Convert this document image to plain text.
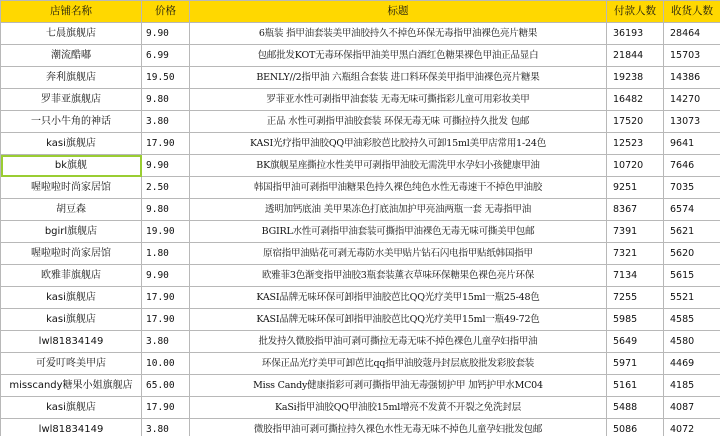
店铺名称	价格	标题	付款人数	收货人数
七晨旗舰店	9.90	6瓶装 指甲油套装美甲油胶持久不掉色环保无毒指甲油裸色亮片糖果	36193	28464
潮流酷嘟	6.99	包邮批发KOT无毒环保指甲油美甲黑白酒红色糖果裸色甲油正品显白	21844	15703
奔利旗舰店	19.50	BENLY//2指甲油 六瓶组合套装 进口料环保美甲指甲油裸色亮片糖果	19238	14386
罗菲亚旗舰店	9.80	罗菲亚水性可剥指甲油套装 无毒无味可撕指彩儿童可用彩妆美甲	16482	14270
一只小牛角的神话	3.80	正品 水性可剥指甲油胶套装 环保无毒无味 可撕拉持久批发 包邮	17520	13073
kasi旗舰店	17.90	KASI光疗指甲油胶QQ甲油彩胶芭比胶持久可卸15ml美甲店常用1-24色	12523	9641
bk旗舰	9.90	BK旗舰星座撕拉水性美甲可剥指甲油胶无需洗甲水孕妇小孩健康甲油	10720	7646
喔啦啦时尚家居馆	2.50	韩国指甲油可剥指甲油糖果色持久裸色纯色水性无毒速干不掉色甲油胶	9251	7035
胡豆森	9.80	透明加钙底油 美甲果冻色打底油加护甲亮油两瓶一套 无毒指甲油	8367	6574
bgirl旗舰店	19.90	BGIRL水性可剥指甲油套装可撕指甲油裸色无毒无味可撕美甲包邮	7391	5621
喔啦啦时尚家居馆	1.80	原宿指甲油贴花可剥无毒防水美甲贴片钻石闪电指甲贴纸韩国指甲	7321	5620
欧雅菲旗舰店	9.90	欧雅菲3色渐变指甲油胶3瓶套装薰衣草味环保糖果色裸色亮片环保	7134	5615
kasi旗舰店	17.90	KASI品牌无味环保可卸指甲油胶芭比QQ光疗美甲15ml一瓶25-48色	7255	5521
kasi旗舰店	17.90	KASI品牌无味环保可卸指甲油胶芭比QQ光疗美甲15ml一瓶49-72色	5985	4585
lwl81834149	3.80	批发持久微胶指甲油可剥可撕拉无毒无味不掉色裸色儿童孕妇指甲油	5649	4580
可爱叮咚美甲店	10.00	环保正品光疗美甲可卸芭比qq指甲油胶蔻丹封层底胶批发彩胶套装	5971	4469
misscandy糖果小姐旗舰店	65.00	Miss Candy健康指彩可剥可撕指甲油无毒强韧护甲 加钙护甲水MC04	5161	4185
kasi旗舰店	17.90	KaSi指甲油胶QQ甲油胶15ml增亮不发黄不开裂之免洗封层	5488	4087
lwl81834149	3.80	微胶指甲油可剥可撕拉持久裸色水性无毒无味不掉色儿童孕妇批发包邮	5086	4072
